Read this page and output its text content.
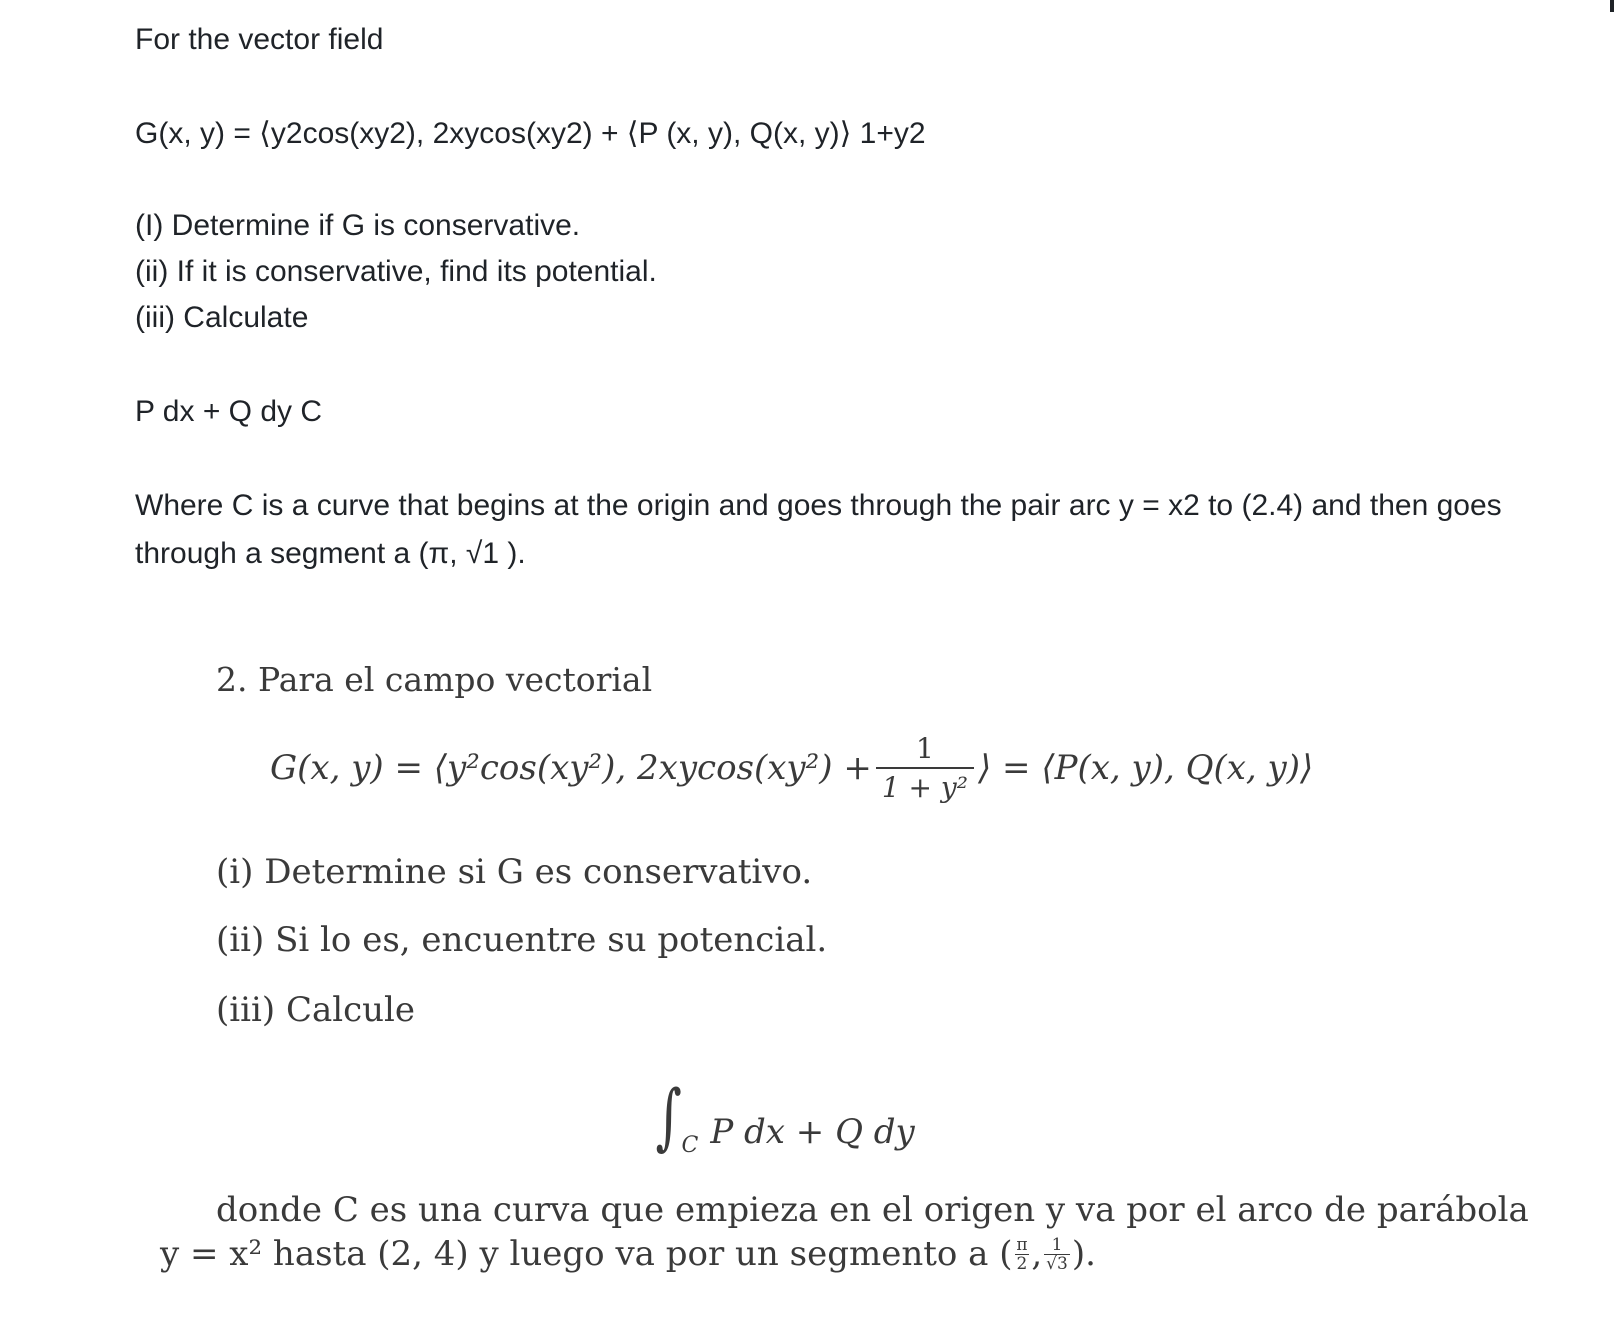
For the vector field
G(x, y) = ⟨y2cos(xy2), 2xycos(xy2) + ⟨P (x, y), Q(x, y)⟩ 1+y2
(I) Determine if G is conservative.
(ii) If it is conservative, find its potential.
(iii) Calculate
P dx + Q dy C
Where C is a curve that begins at the origin and goes through the pair arc y = x2 to (2.4) and then goes through a segment a (π, √1 ).
2. Para el campo vectorial
G(x, y) = ⟨y²cos(xy²), $2xycos(xy^2) + \frac{1}{\text{1 + y²}}$ ⟩ = ⟨P(x, y), Q(x, y)⟩
(i) Determine si G es conservativo.
(ii) Si lo es, encuentre su potencial.
(iii) Calcule
∫ C P dx + Q dy
donde C es una curva que empieza en el origen y va por el arco de parábola
y = x² hasta (2, 4) y luego va por un segmento a ( $\frac{\pi}{2}$ , $\frac{1}{√3}$ ).
